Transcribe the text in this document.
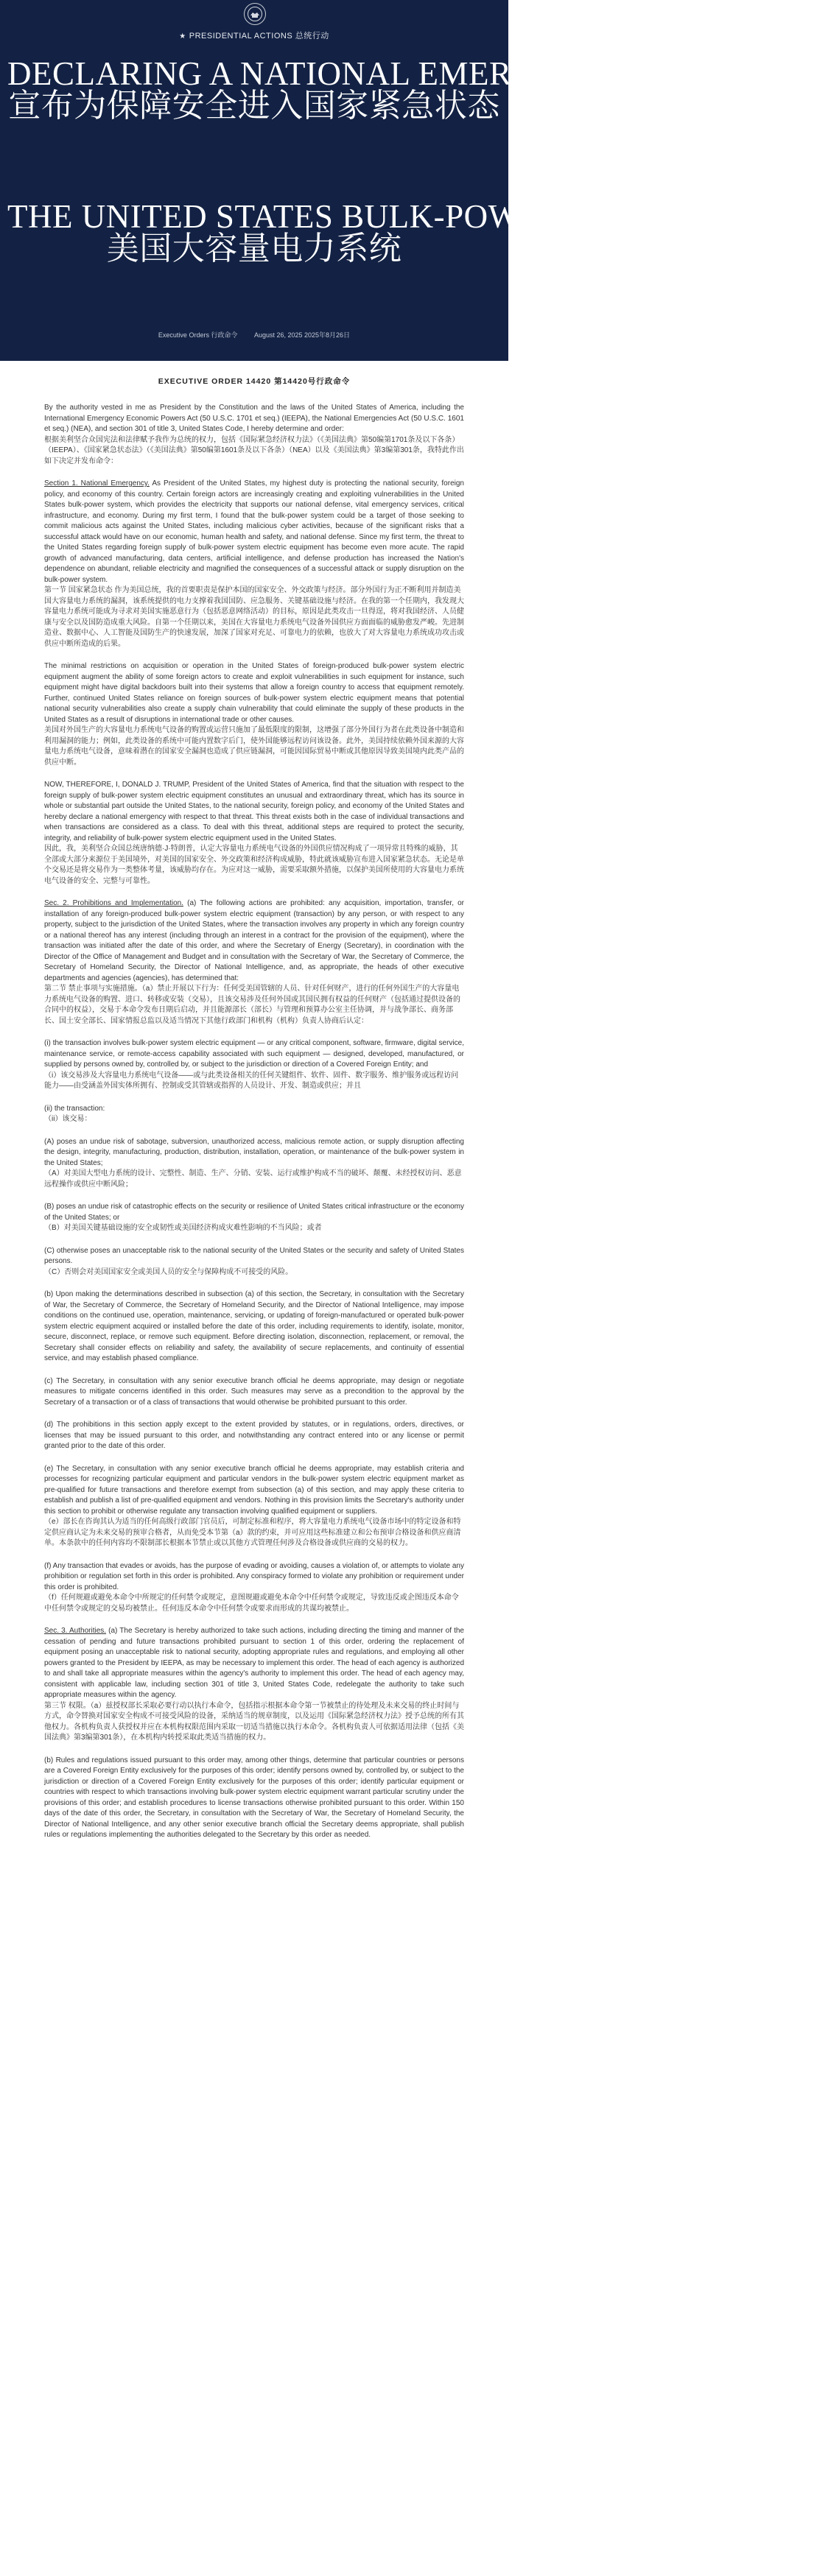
★ PRESIDENTIAL ACTIONS 总统行动
DECLARING A NATIONAL EMERGENCY TO SECURE
宣布为保障安全进入国家紧急状态
THE UNITED STATES BULK-POWER SYSTEM
美国大容量电力系统
Executive Orders 行政命令	August 26, 2025 2025年8月26日
EXECUTIVE ORDER 14420 第14420号行政命令

By the authority vested in me as President by the Constitution and the laws of the United States of America, including the International Emergency Economic Powers Act (50 U.S.C. 1701 et seq.) (IEEPA), the National Emergencies Act (50 U.S.C. 1601 et seq.) (NEA), and section 301 of title 3, United States Code, I hereby determine and order:

根据美利坚合众国宪法和法律赋予我作为总统的权力，包括《国际紧急经济权力法》（《美国法典》第50编第1701条及以下各条）（IEEPA）、《国家紧急状态法》（《美国法典》第50编第1601条及以下各条）（NEA）以及《美国法典》第3编第301条，我特此作出如下决定并发布命令：

Section 1. National Emergency. As President of the United States, my highest duty is protecting the national security, foreign policy, and economy of this country. Certain foreign actors are increasingly creating and exploiting vulnerabilities in the United States bulk-power system, which provides the electricity that supports our national defense, vital emergency services, critical infrastructure, and economy. During my first term, I found that the bulk-power system could be a target of those seeking to commit malicious acts against the United States, including malicious cyber activities, because of the significant risks that a successful attack would have on our economic, human health and safety, and national defense. Since my first term, the threat to the United States regarding foreign supply of bulk-power system electric equipment has become even more acute. The rapid growth of advanced manufacturing, data centers, artificial intelligence, and defense production has increased the Nation's dependence on abundant, reliable electricity and magnified the consequences of a successful attack or supply disruption on the bulk-power system.

第一节 国家紧急状态 作为美国总统，我的首要职责是保护本国的国家安全、外交政策与经济。部分外国行为正不断利用并制造美国大容量电力系统的漏洞，该系统提供的电力支撑着我国国防、应急服务、关键基础设施与经济。在我的第一个任期内，我发现大容量电力系统可能成为寻求对美国实施恶意行为（包括恶意网络活动）的目标，原因是此类攻击一旦得逞，将对我国经济、人员健康与安全以及国防造成重大风险。自第一个任期以来，美国在大容量电力系统电气设备外国供应方面面临的威胁愈发严峻。先进制造业、数据中心、人工智能及国防生产的快速发展，加深了国家对充足、可靠电力的依赖，也放大了对大容量电力系统成功攻击或供应中断所造成的后果。

The minimal restrictions on acquisition or operation in the United States of foreign-produced bulk-power system electric equipment augment the ability of some foreign actors to create and exploit vulnerabilities in such equipment for instance, such equipment might have digital backdoors built into their systems that allow a foreign country to access that equipment remotely. Further, continued United States reliance on foreign sources of bulk-power system electric equipment means that potential national security vulnerabilities also create a supply chain vulnerability that could eliminate the supply of these products in the United States as a result of disruptions in international trade or other causes.

美国对外国生产的大容量电力系统电气设备的购置或运营只施加了最低限度的限制，这增强了部分外国行为者在此类设备中制造和利用漏洞的能力；例如，此类设备的系统中可能内置数字后门，使外国能够远程访问该设备。此外，美国持续依赖外国来源的大容量电力系统电气设备，意味着潜在的国家安全漏洞也造成了供应链漏洞，可能因国际贸易中断或其他原因导致美国境内此类产品的供应中断。

NOW, THEREFORE, I, DONALD J. TRUMP, President of the United States of America, find that the situation with respect to the foreign supply of bulk-power system electric equipment constitutes an unusual and extraordinary threat, which has its source in whole or substantial part outside the United States, to the national security, foreign policy, and economy of the United States and hereby declare a national emergency with respect to that threat. This threat exists both in the case of individual transactions and when transactions are considered as a class. To deal with this threat, additional steps are required to protect the security, integrity, and reliability of bulk-power system electric equipment used in the United States.

因此，我，美利坚合众国总统唐纳德·J·特朗普，认定大容量电力系统电气设备的外国供应情况构成了一项异常且特殊的威胁，其全部或大部分来源位于美国境外，对美国的国家安全、外交政策和经济构成威胁，特此就该威胁宣布进入国家紧急状态。无论是单个交易还是将交易作为一类整体考量，该威胁均存在。为应对这一威胁，需要采取额外措施，以保护美国所使用的大容量电力系统电气设备的安全、完整与可靠性。

Sec. 2. Prohibitions and Implementation. (a) The following actions are prohibited: any acquisition, importation, transfer, or installation of any foreign-produced bulk-power system electric equipment (transaction) by any person, or with respect to any property, subject to the jurisdiction of the United States, where the transaction involves any property in which any foreign country or a national thereof has any interest (including through an interest in a contract for the provision of the equipment), where the transaction was initiated after the date of this order, and where the Secretary of Energy (Secretary), in coordination with the Director of the Office of Management and Budget and in consultation with the Secretary of War, the Secretary of Commerce, the Secretary of Homeland Security, the Director of National Intelligence, and, as appropriate, the heads of other executive departments and agencies (agencies), has determined that:

第二节 禁止事项与实施措施。（a）禁止开展以下行为：任何受美国管辖的人员、针对任何财产，进行的任何外国生产的大容量电力系统电气设备的购置、进口、转移或安装（交易），且该交易涉及任何外国或其国民拥有权益的任何财产（包括通过提供设备的合同中的权益），交易于本命令发布日期后启动，并且能源部长（部长）与管理和预算办公室主任协调，并与战争部长、商务部长、国土安全部长、国家情报总监以及适当情况下其他行政部门和机构（机构）负责人协商后认定：

(i) the transaction involves bulk-power system electric equipment — or any critical component, software, firmware, digital service, maintenance service, or remote-access capability associated with such equipment — designed, developed, manufactured, or supplied by persons owned by, controlled by, or subject to the jurisdiction or direction of a Covered Foreign Entity; and

（i）该交易涉及大容量电力系统电气设备——或与此类设备相关的任何关键组件、软件、固件、数字服务、维护服务或远程访问能力——由受涵盖外国实体所拥有、控制或受其管辖或指挥的人员设计、开发、制造或供应；并且

(ii) the transaction:

（ii）该交易：

(A) poses an undue risk of sabotage, subversion, unauthorized access, malicious remote action, or supply disruption affecting the design, integrity, manufacturing, production, distribution, installation, operation, or maintenance of the bulk-power system in the United States;

（A）对美国大型电力系统的设计、完整性、制造、生产、分销、安装、运行或维护构成不当的破坏、颠覆、未经授权访问、恶意远程操作或供应中断风险；

(B) poses an undue risk of catastrophic effects on the security or resilience of United States critical infrastructure or the economy of the United States; or

（B）对美国关键基础设施的安全或韧性或美国经济构成灾难性影响的不当风险；或者

(C) otherwise poses an unacceptable risk to the national security of the United States or the security and safety of United States persons.

（C）否则会对美国国家安全或美国人员的安全与保障构成不可接受的风险。

(b) Upon making the determinations described in subsection (a) of this section, the Secretary, in consultation with the Secretary of War, the Secretary of Commerce, the Secretary of Homeland Security, and the Director of National Intelligence, may impose conditions on the continued use, operation, maintenance, servicing, or updating of foreign-manufactured or operated bulk-power system electric equipment acquired or installed before the date of this order, including requirements to identify, isolate, monitor, secure, disconnect, replace, or remove such equipment. Before directing isolation, disconnection, replacement, or removal, the Secretary shall consider effects on reliability and safety, the availability of secure replacements, and continuity of essential service, and may establish phased compliance.

(c) The Secretary, in consultation with any senior executive branch official he deems appropriate, may design or negotiate measures to mitigate concerns identified in this order. Such measures may serve as a precondition to the approval by the Secretary of a transaction or of a class of transactions that would otherwise be prohibited pursuant to this order.

(d) The prohibitions in this section apply except to the extent provided by statutes, or in regulations, orders, directives, or licenses that may be issued pursuant to this order, and notwithstanding any contract entered into or any license or permit granted prior to the date of this order.

(e) The Secretary, in consultation with any senior executive branch official he deems appropriate, may establish criteria and processes for recognizing particular equipment and particular vendors in the bulk-power system electric equipment market as pre-qualified for future transactions and therefore exempt from subsection (a) of this section, and may apply these criteria to establish and publish a list of pre-qualified equipment and vendors. Nothing in this provision limits the Secretary's authority under this section to prohibit or otherwise regulate any transaction involving qualified equipment or suppliers.

（e）部长在咨询其认为适当的任何高级行政部门官员后，可制定标准和程序，将大容量电力系统电气设备市场中的特定设备和特定供应商认定为未来交易的预审合格者，从而免受本节第（a）款的约束，并可应用这些标准建立和公布预审合格设备和供应商清单。本条款中的任何内容均不限制部长根据本节禁止或以其他方式管理任何涉及合格设备或供应商的交易的权力。

(f) Any transaction that evades or avoids, has the purpose of evading or avoiding, causes a violation of, or attempts to violate any prohibition or regulation set forth in this order is prohibited. Any conspiracy formed to violate any prohibition or requirement under this order is prohibited.

（f）任何规避或避免本命令中所规定的任何禁令或规定，意图规避或避免本命令中任何禁令或规定，导致违反或企图违反本命令中任何禁令或规定的交易均被禁止。任何违反本命令中任何禁令或要求而形成的共谋均被禁止。

Sec. 3. Authorities. (a) The Secretary is hereby authorized to take such actions, including directing the timing and manner of the cessation of pending and future transactions prohibited pursuant to section 1 of this order, ordering the replacement of equipment posing an unacceptable risk to national security, adopting appropriate rules and regulations, and employing all other powers granted to the President by IEEPA, as may be necessary to implement this order. The head of each agency is authorized to and shall take all appropriate measures within the agency's authority to implement this order. The head of each agency may, consistent with applicable law, including section 301 of title 3, United States Code, redelegate the authority to take such appropriate measures within the agency.

第三节 权限。（a）兹授权部长采取必要行动以执行本命令，包括指示根据本命令第一节被禁止的待处理及未来交易的终止时间与方式，命令替换对国家安全构成不可接受风险的设备，采纳适当的规章制度，以及运用《国际紧急经济权力法》授予总统的所有其他权力。各机构负责人获授权并应在本机构权限范围内采取一切适当措施以执行本命令。各机构负责人可依据适用法律（包括《美国法典》第3编第301条），在本机构内转授采取此类适当措施的权力。

(b) Rules and regulations issued pursuant to this order may, among other things, determine that particular countries or persons are a Covered Foreign Entity exclusively for the purposes of this order; identify persons owned by, controlled by, or subject to the jurisdiction or direction of a Covered Foreign Entity exclusively for the purposes of this order; identify particular equipment or countries with respect to which transactions involving bulk-power system electric equipment warrant particular scrutiny under the provisions of this order; and establish procedures to license transactions otherwise prohibited pursuant to this order. Within 150 days of the date of this order, the Secretary, in consultation with the Secretary of War, the Secretary of Homeland Security, the Director of National Intelligence, and any other senior executive branch official the Secretary deems appropriate, shall publish rules or regulations implementing the authorities delegated to the Secretary by this order as needed.
